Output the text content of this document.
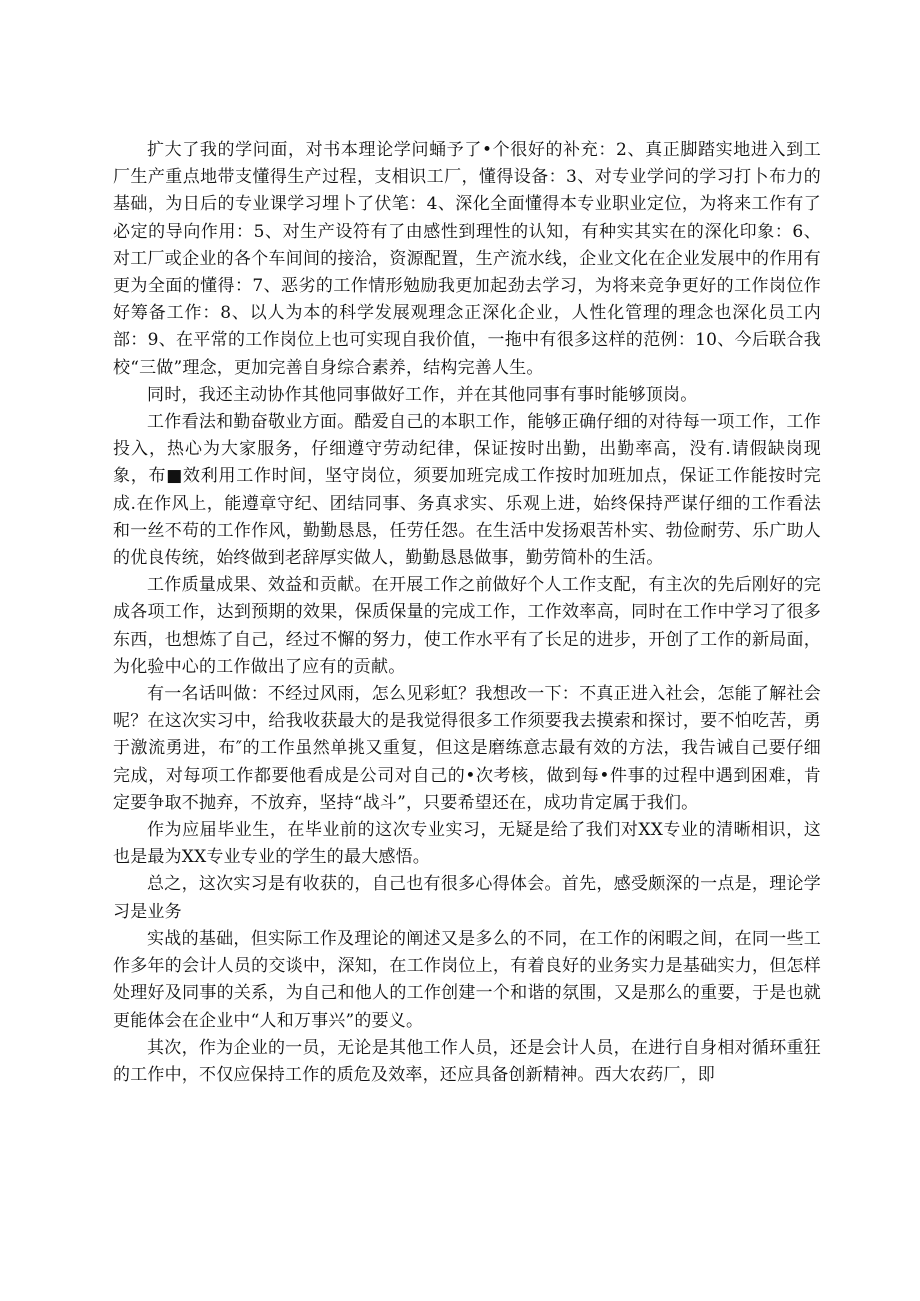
扩大了我的学问面，对书本理论学问蛹予了•个很好的补充：2、真正脚踏实地进入到工厂生产重点地带支懂得生产过程，支相识工厂，懂得设备：3、对专业学问的学习打卜布力的基础，为日后的专业课学习埋卜了伏笔：4、深化全面懂得本专业职业定位，为将来工作有了必定的导向作用：5、对生产设符有了由感性到理性的认知，有种实其实在的深化印象：6、对工厂或企业的各个车间间的接洽，资源配置，生产流水线，企业文化在企业发展中的作用有更为全面的懂得：7、恶劣的工作情形勉励我更加起劲去学习，为将来竞争更好的工作岗位作好筹备工作：8、以人为本的科学发展观理念正深化企业，人性化管理的理念也深化员工内部：9、在平常的工作岗位上也可实现自我价值，一拖中有很多这样的范例：10、今后联合我校“三做”理念，更加完善自身综合素养，结构完善人生。

同时，我还主动协作其他同事做好工作，并在其他同事有事时能够顶岗。

工作看法和勤奋敬业方面。酷爱自己的本职工作，能够正确仔细的对待每一项工作，工作投入，热心为大家服务，仔细遵守劳动纪律，保证按时出勤，出勤率高，没有.请假缺岗现象，布■效利用工作时间，坚守岗位，须要加班完成工作按时加班加点，保证工作能按时完成.在作风上，能遵章守纪、团结同事、务真求实、乐观上进，始终保持严谋仔细的工作看法和一丝不苟的工作作风，勤勤恳恳，任劳任怨。在生活中发扬艰苦朴实、勃俭耐劳、乐广助人的优良传统，始终做到老辞厚实做人，勤勤恳恳做事，勤劳简朴的生活。

工作质量成果、效益和贡献。在开展工作之前做好个人工作支配，有主次的先后刚好的完成各项工作，达到预期的效果，保质保量的完成工作，工作效率高，同时在工作中学习了很多东西，也想炼了自己，经过不懈的努力，使工作水平有了长足的进步，开创了工作的新局面，为化验中心的工作做出了应有的贡献。

有一名话叫做：不经过风雨，怎么见彩虹？我想改一下：不真正进入社会，怎能了解社会呢？在这次实习中，给我收获最大的是我觉得很多工作须要我去摸索和探讨，要不怕吃苦，勇于激流勇进，布″的工作虽然单挑又重复，但这是磨练意志最有效的方法，我告诫自己要仔细完成，对每项工作都要他看成是公司对自己的•次考核，做到每•件事的过程中遇到困难，肯定要争取不抛弃，不放弃，坚持“战斗”，只要希望还在，成功肯定属于我们。

作为应届毕业生，在毕业前的这次专业实习，无疑是给了我们对XX专业的清晰相识，这也是最为XX专业专业的学生的最大感悟。

总之，这次实习是有收获的，自己也有很多心得体会。首先，感受颇深的一点是，理论学习是业务

实战的基础，但实际工作及理论的阐述又是多么的不同，在工作的闲暇之间，在同一些工作多年的会计人员的交谈中，深知，在工作岗位上，有着良好的业务实力是基础实力，但怎样处理好及同事的关系，为自己和他人的工作创建一个和谐的氛围，又是那么的重要，于是也就更能体会在企业中“人和万事兴”的要义。

其次，作为企业的一员，无论是其他工作人员，还是会计人员，在进行自身相对循环重狂的工作中，不仅应保持工作的质危及效率，还应具备创新精神。西大农药厂，即
